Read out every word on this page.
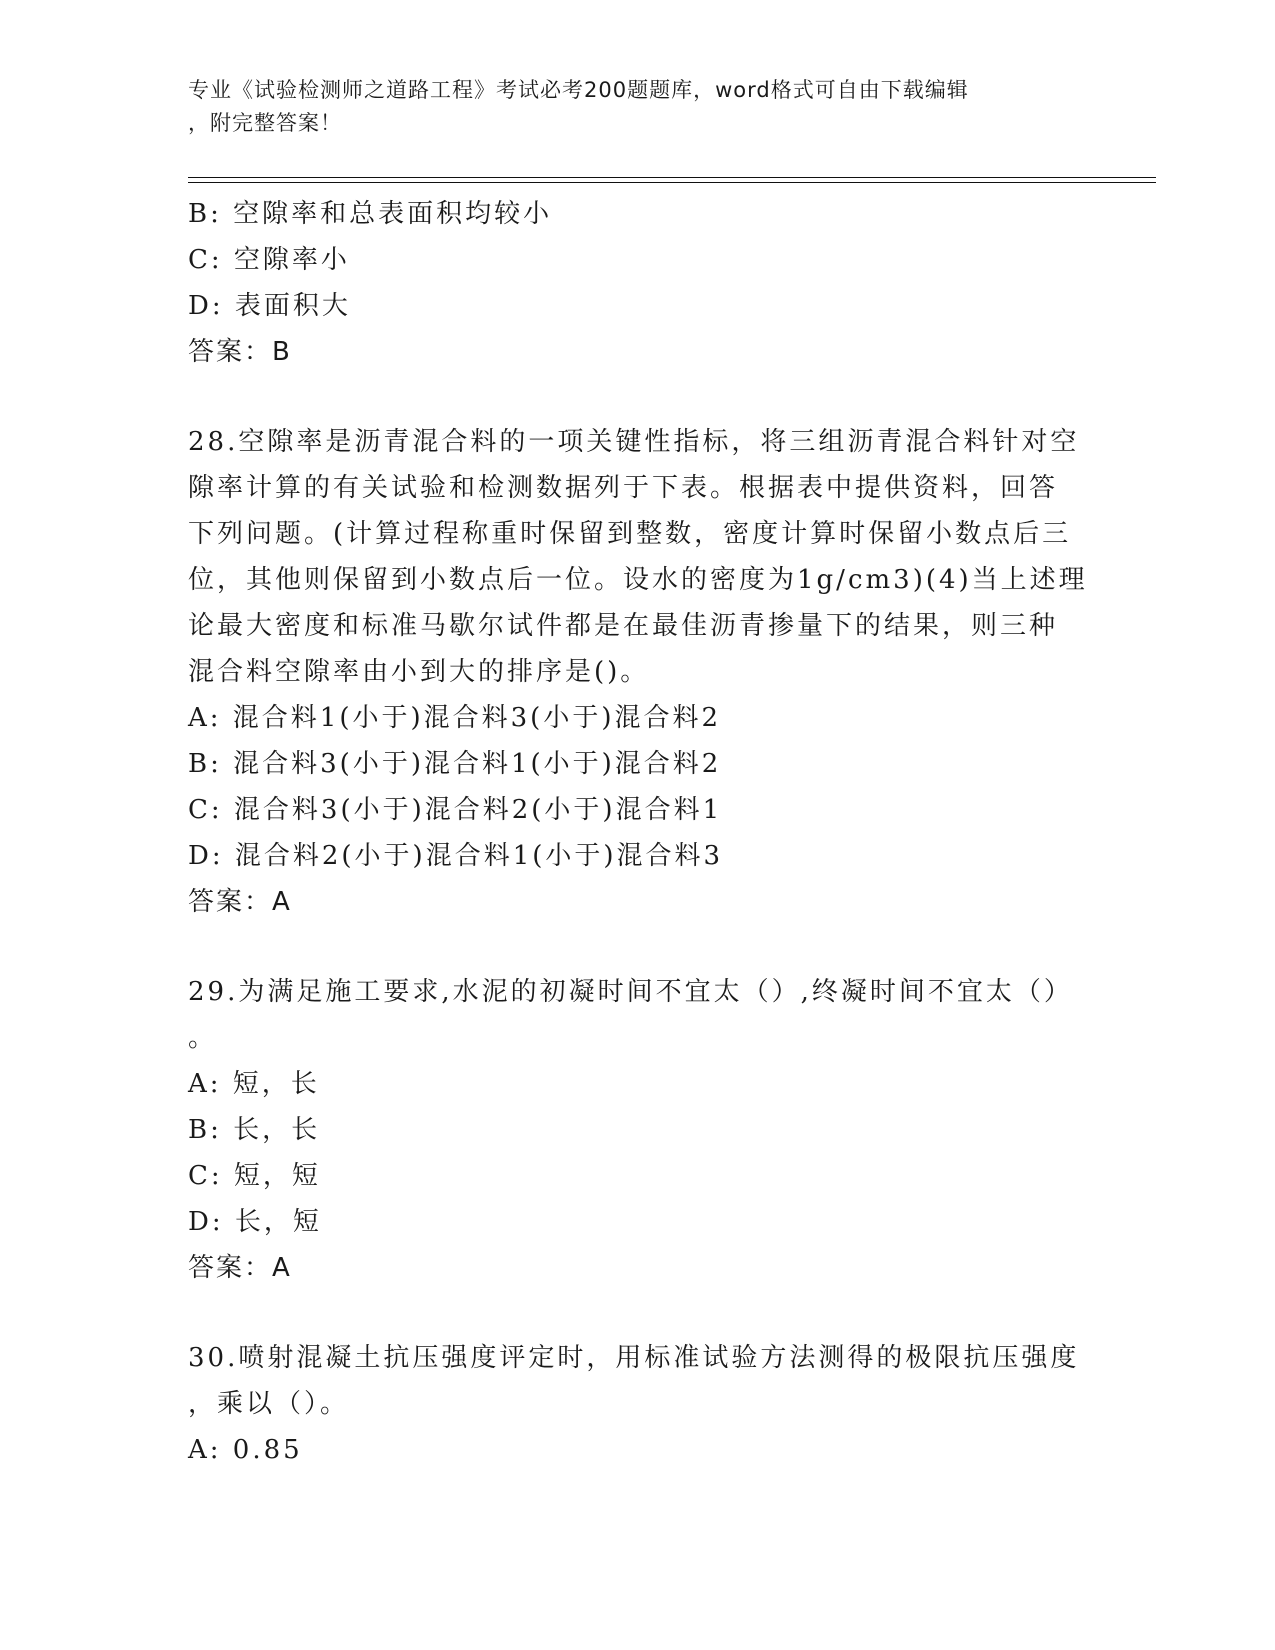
专业《试验检测师之道路工程》考试必考200题题库，word格式可自由下载编辑
，附完整答案！
B: 空隙率和总表面积均较小
C: 空隙率小
D: 表面积大
答案：B
28.空隙率是沥青混合料的一项关键性指标，将三组沥青混合料针对空
隙率计算的有关试验和检测数据列于下表。根据表中提供资料，回答
下列问题。(计算过程称重时保留到整数，密度计算时保留小数点后三
位，其他则保留到小数点后一位。设水的密度为1g/cm3)(4)当上述理
论最大密度和标准马歇尔试件都是在最佳沥青掺量下的结果，则三种
混合料空隙率由小到大的排序是()。
A: 混合料1(小于)混合料3(小于)混合料2
B: 混合料3(小于)混合料1(小于)混合料2
C: 混合料3(小于)混合料2(小于)混合料1
D: 混合料2(小于)混合料1(小于)混合料3
答案：A
29.为满足施工要求,水泥的初凝时间不宜太（）,终凝时间不宜太（）
。
A: 短，长
B: 长，长
C: 短，短
D: 长，短
答案：A
30.喷射混凝土抗压强度评定时，用标准试验方法测得的极限抗压强度
，乘以（）。
A: 0.85
